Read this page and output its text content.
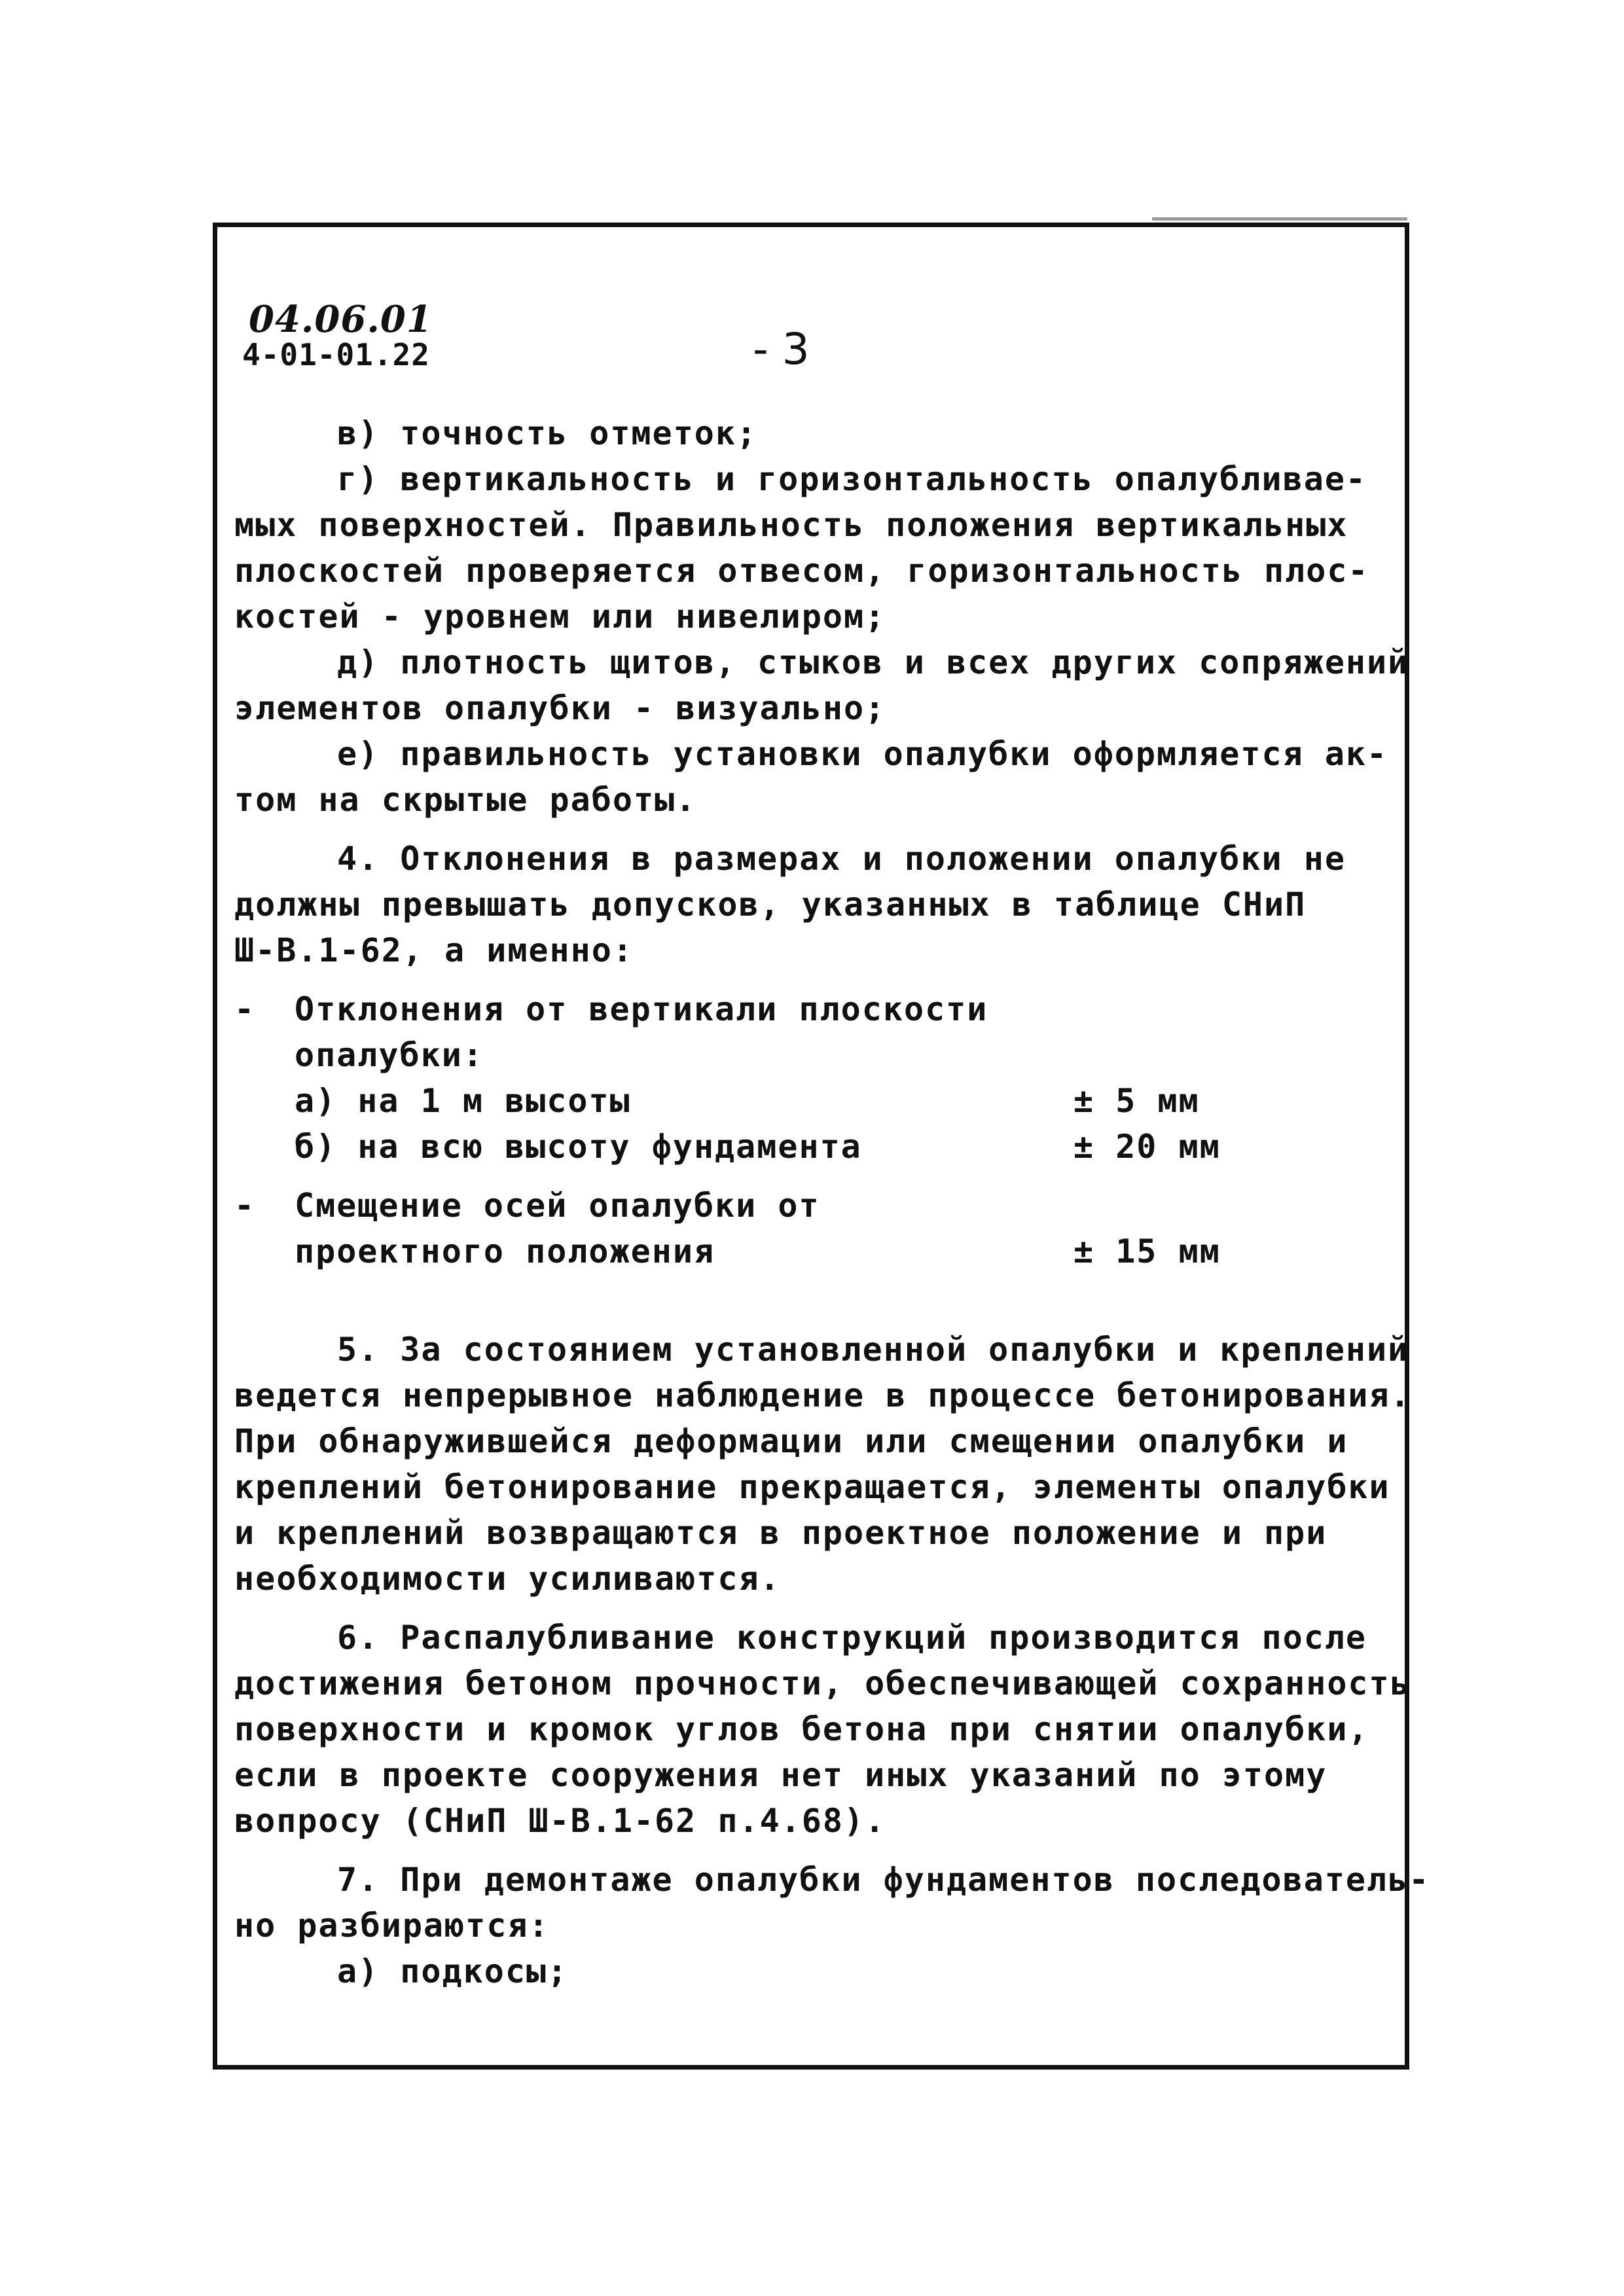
04.06.01
4-01-01.22	- 3
в) точность отметок;
г) вертикальность и горизонтальность опалубливае-
мых поверхностей. Правильность положения вертикальных
плоскостей проверяется отвесом, горизонтальность плос-
костей - уровнем или нивелиром;
д) плотность щитов, стыков и всех других сопряжений
элементов опалубки - визуально;
е) правильность установки опалубки оформляется ак-
том на скрытые работы.
4. Отклонения в размерах и положении опалубки не
должны превышать допусков, указанных в таблице СНиП
Ш-В.1-62, а именно:
- Отклонения от вертикали плоскости
опалубки:
а) на 1 м высоты	± 5 мм
б) на всю высоту фундамента	± 20 мм
- Смещение осей опалубки от
проектного положения	± 15 мм
5. За состоянием установленной опалубки и креплений
ведется непрерывное наблюдение в процессе бетонирования.
При обнаружившейся деформации или смещении опалубки и
креплений бетонирование прекращается, элементы опалубки
и креплений возвращаются в проектное положение и при
необходимости усиливаются.
6. Распалубливание конструкций производится после
достижения бетоном прочности, обеспечивающей сохранность
поверхности и кромок углов бетона при снятии опалубки,
если в проекте сооружения нет иных указаний по этому
вопросу (СНиП Ш-В.1-62 п.4.68).
7. При демонтаже опалубки фундаментов последователь-
но разбираются:
а) подкосы;
